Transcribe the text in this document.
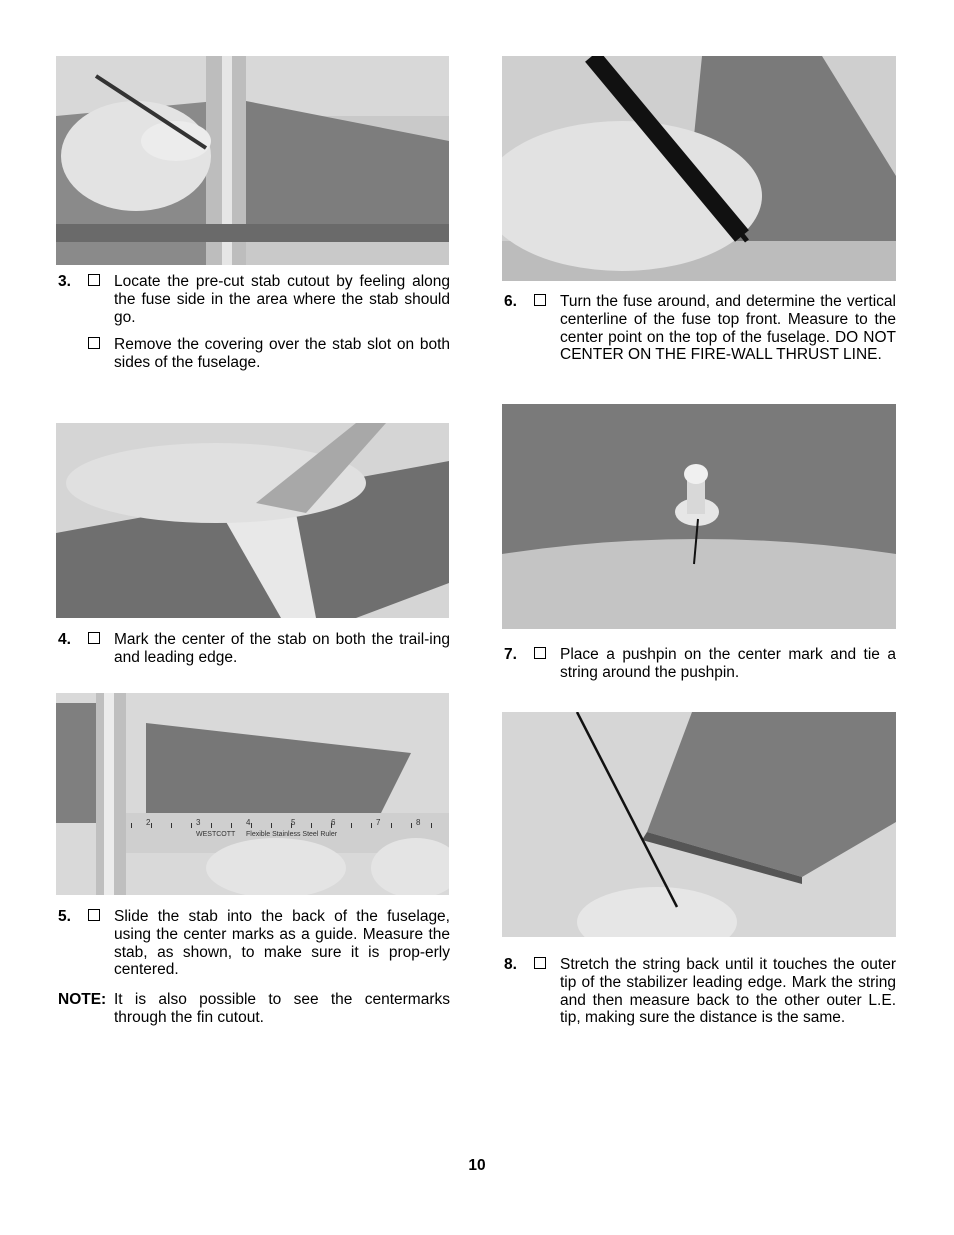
3.	Locate the pre-cut stab cutout by feeling along the fuse side in the area where the stab should go.
Remove the covering over the stab slot on both sides of the fuselage.
4.	Mark the center of the stab on both the trail-ing and leading edge.
2	3	4	5	6	7	8
WESTCOTT Flexible Stainless Steel Ruler
5.	Slide the stab into the back of the fuselage, using the center marks as a guide. Measure the stab, as shown, to make sure it is prop-erly centered.
NOTE: It is also possible to see the centermarks through the fin cutout.
6.	Turn the fuse around, and determine the vertical centerline of the fuse top front. Measure to the center point on the top of the fuselage. DO NOT CENTER ON THE FIRE-WALL THRUST LINE.
7.	Place a pushpin on the center mark and tie a string around the pushpin.
8.	Stretch the string back until it touches the outer tip of the stabilizer leading edge. Mark the string and then measure back to the other outer L.E. tip, making sure the distance is the same.
10
